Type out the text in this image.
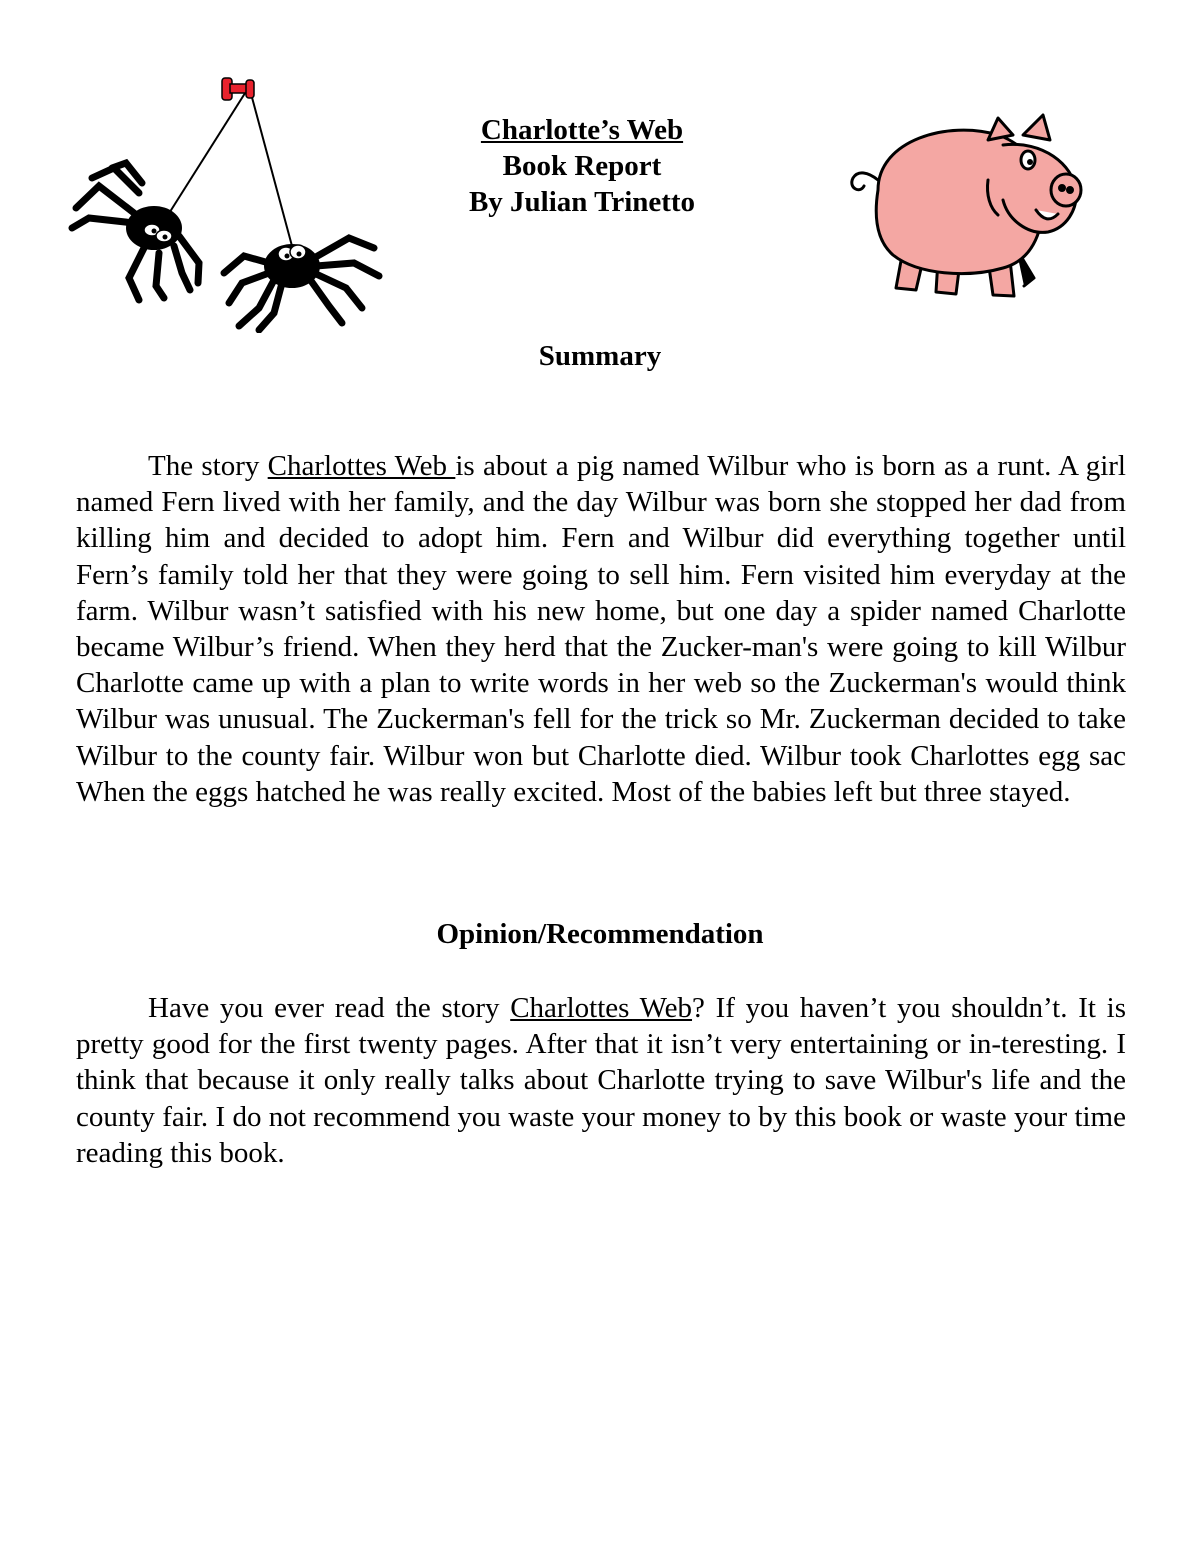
Charlotte’s Web
Book Report
By Julian Trinetto
Summary

The story Charlottes Web is about a pig named Wilbur who is born as a runt. A girl named Fern lived with her family, and the day Wilbur was born she stopped her dad from killing him and decided to adopt him. Fern and Wilbur did everything together until Fern’s family told her that they were going to sell him. Fern visited him everyday at the farm. Wilbur wasn’t satisfied with his new home, but one day a spider named Charlotte became Wilbur’s friend. When they herd that the Zucker-man's were going to kill Wilbur Charlotte came up with a plan to write words in her web so the Zuckerman's would think Wilbur was unusual. The Zuckerman's fell for the trick so Mr. Zuckerman decided to take Wilbur to the county fair. Wilbur won but Charlotte died. Wilbur took Charlottes egg sac When the eggs hatched he was really excited. Most of the babies left but three stayed.

Opinion/Recommendation

Have you ever read the story Charlottes Web? If you haven’t you shouldn’t. It is pretty good for the first twenty pages. After that it isn’t very entertaining or in-teresting. I think that because it only really talks about Charlotte trying to save Wilbur's life and the county fair. I do not recommend you waste your money to by this book or waste your time reading this book.
